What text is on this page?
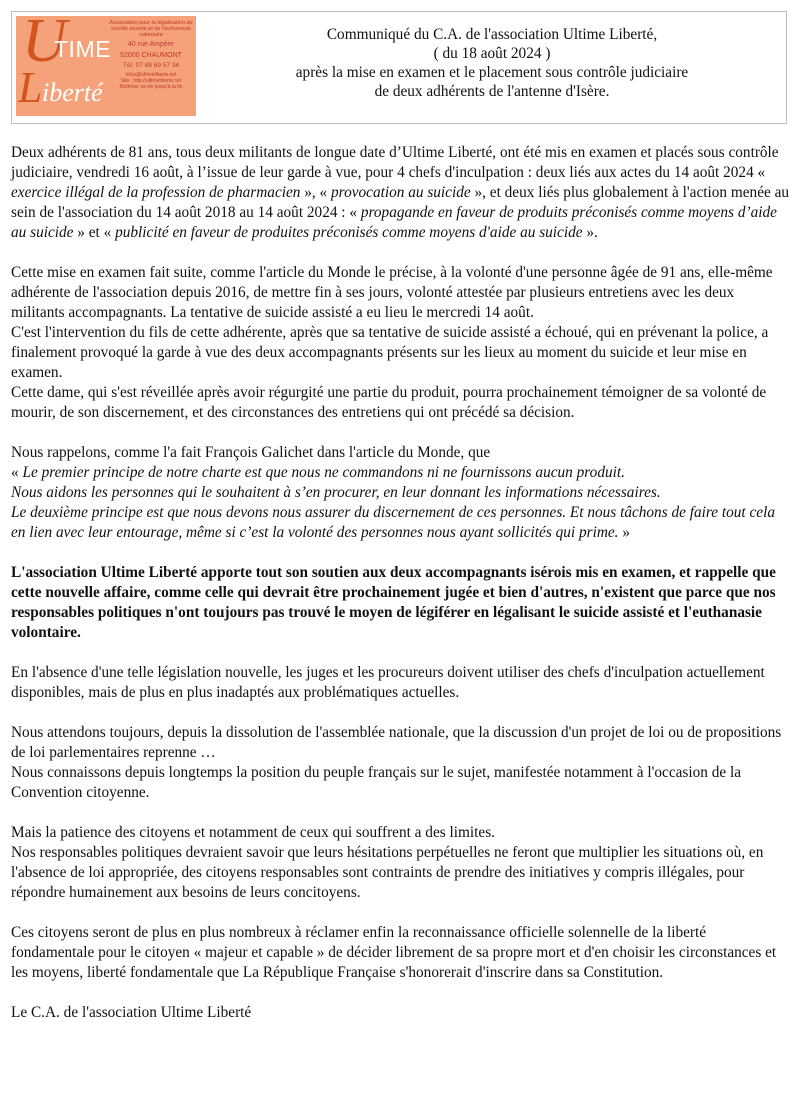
U
TIME
L iberté
Association pour la légalisation du suicide assisté et de l'euthanasie volontaire
40 rue Ampère
52000 CHAUMONT
Tél. 07 88 69 57 34
infos@ultimeliberte.net
Site : http://ultimeliberte.net
Maîtriser sa vie jusqu'à la fin
Communiqué du C.A. de l'association Ultime Liberté,
( du 18 août 2024 )
après la mise en examen et le placement sous contrôle judiciaire
de deux adhérents de l'antenne d'Isère.

Deux adhérents de 81 ans, tous deux militants de longue date d’Ultime Liberté, ont été mis en examen et placés sous contrôle judiciaire, vendredi 16 août, à l’issue de leur garde à vue, pour 4 chefs d'inculpation : deux liés aux actes du 14 août 2024 « exercice illégal de la profession de pharmacien », « provocation au suicide », et deux liés plus globalement à l'action menée au sein de l'association du 14 août 2018 au 14 août 2024 : « propagande en faveur de produits préconisés comme moyens d’aide au suicide » et « publicité en faveur de produites préconisés comme moyens d'aide au suicide ».

Cette mise en examen fait suite, comme l'article du Monde le précise, à la volonté d'une personne âgée de 91 ans, elle-même adhérente de l'association depuis 2016, de mettre fin à ses jours, volonté attestée par plusieurs entretiens avec les deux militants accompagnants. La tentative de suicide assisté a eu lieu le mercredi 14 août.

C'est l'intervention du fils de cette adhérente, après que sa tentative de suicide assisté a échoué, qui en prévenant la police, a finalement provoqué la garde à vue des deux accompagnants présents sur les lieux au moment du suicide et leur mise en examen.

Cette dame, qui s'est réveillée après avoir régurgité une partie du produit, pourra prochainement témoigner de sa volonté de mourir, de son discernement, et des circonstances des entretiens qui ont précédé sa décision.

Nous rappelons, comme l'a fait François Galichet dans l'article du Monde, que

« Le premier principe de notre charte est que nous ne commandons ni ne fournissons aucun produit.
Nous aidons les personnes qui le souhaitent à s’en procurer, en leur donnant les informations nécessaires.
Le deuxième principe est que nous devons nous assurer du discernement de ces personnes. Et nous tâchons de faire tout cela en lien avec leur entourage, même si c’est la volonté des personnes nous ayant sollicités qui prime. »

L'association Ultime Liberté apporte tout son soutien aux deux accompagnants isérois mis en examen, et rappelle que cette nouvelle affaire, comme celle qui devrait être prochainement jugée et bien d'autres, n'existent que parce que nos responsables politiques n'ont toujours pas trouvé le moyen de légiférer en légalisant le suicide assisté et l'euthanasie volontaire.

En l'absence d'une telle législation nouvelle, les juges et les procureurs doivent utiliser des chefs d'inculpation actuellement disponibles, mais de plus en plus inadaptés aux problématiques actuelles.

Nous attendons toujours, depuis la dissolution de l'assemblée nationale, que la discussion d'un projet de loi ou de propositions de loi parlementaires reprenne …

Nous connaissons depuis longtemps la position du peuple français sur le sujet, manifestée notamment à l'occasion de la Convention citoyenne.

Mais la patience des citoyens et notamment de ceux qui souffrent a des limites.

Nos responsables politiques devraient savoir que leurs hésitations perpétuelles ne feront que multiplier les situations où, en l'absence de loi appropriée, des citoyens responsables sont contraints de prendre des initiatives y compris illégales, pour répondre humainement aux besoins de leurs concitoyens.

Ces citoyens seront de plus en plus nombreux à réclamer enfin la reconnaissance officielle solennelle de la liberté fondamentale pour le citoyen « majeur et capable » de décider librement de sa propre mort et d'en choisir les circonstances et les moyens, liberté fondamentale que La République Française s'honorerait d'inscrire dans sa Constitution.

Le C.A. de l'association Ultime Liberté
